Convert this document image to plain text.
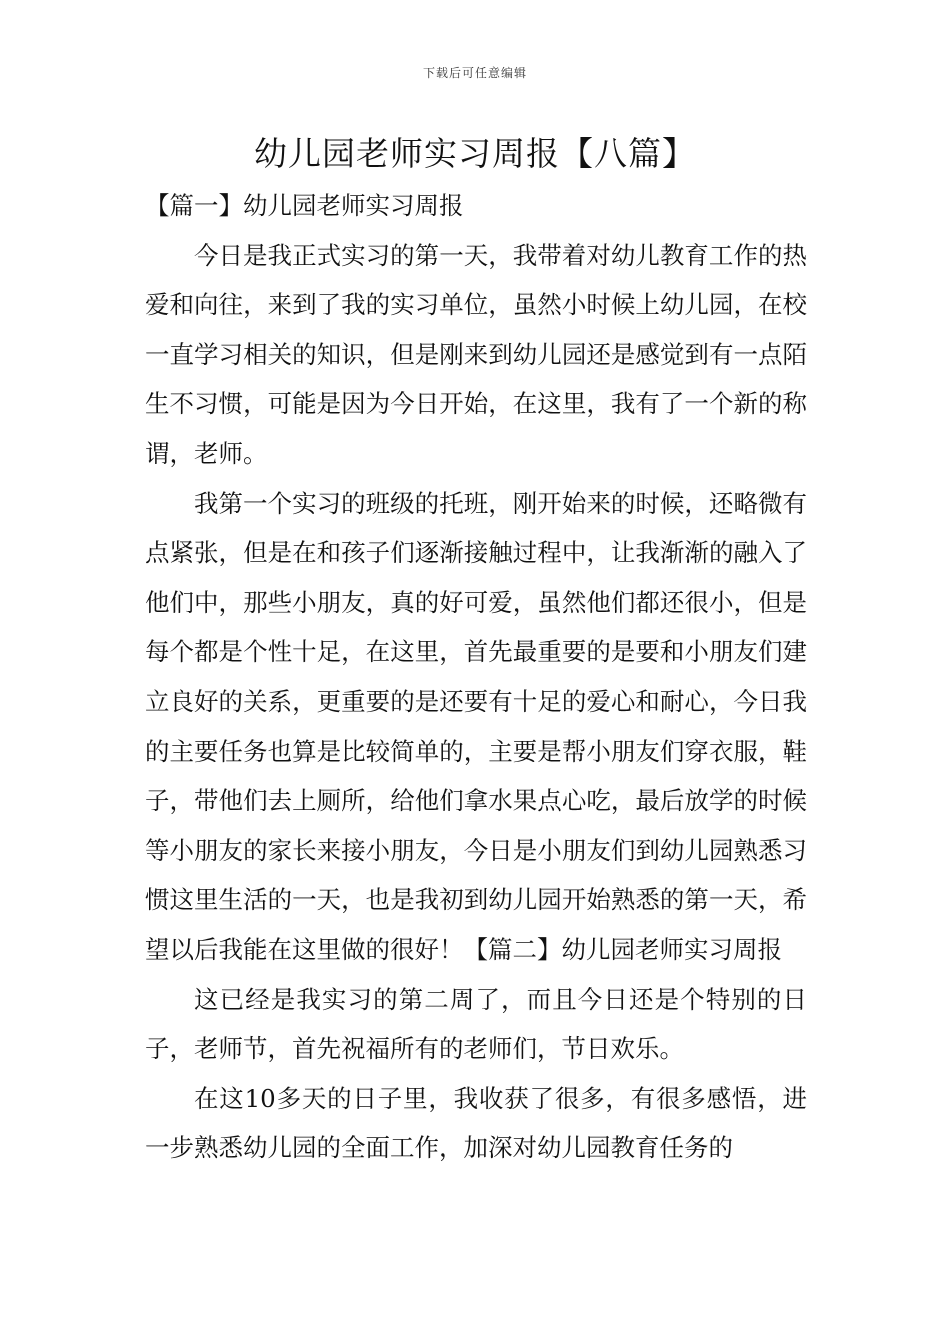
下载后可任意编辑
幼儿园老师实习周报【八篇】

【篇一】幼儿园老师实习周报

今日是我正式实习的第一天，我带着对幼儿教育工作的热爱和向往，来到了我的实习单位，虽然小时候上幼儿园，在校一直学习相关的知识，但是刚来到幼儿园还是感觉到有一点陌生不习惯，可能是因为今日开始，在这里，我有了一个新的称谓，老师。

我第一个实习的班级的托班，刚开始来的时候，还略微有点紧张，但是在和孩子们逐渐接触过程中，让我渐渐的融入了他们中，那些小朋友，真的好可爱，虽然他们都还很小，但是每个都是个性十足，在这里，首先最重要的是要和小朋友们建立良好的关系，更重要的是还要有十足的爱心和耐心，今日我的主要任务也算是比较简单的，主要是帮小朋友们穿衣服，鞋子，带他们去上厕所，给他们拿水果点心吃，最后放学的时候等小朋友的家长来接小朋友，今日是小朋友们到幼儿园熟悉习惯这里生活的一天，也是我初到幼儿园开始熟悉的第一天，希望以后我能在这里做的很好！【篇二】幼儿园老师实习周报

这已经是我实习的第二周了，而且今日还是个特别的日子，老师节，首先祝福所有的老师们，节日欢乐。

在这10多天的日子里，我收获了很多，有很多感悟，进一步熟悉幼儿园的全面工作，加深对幼儿园教育任务的
